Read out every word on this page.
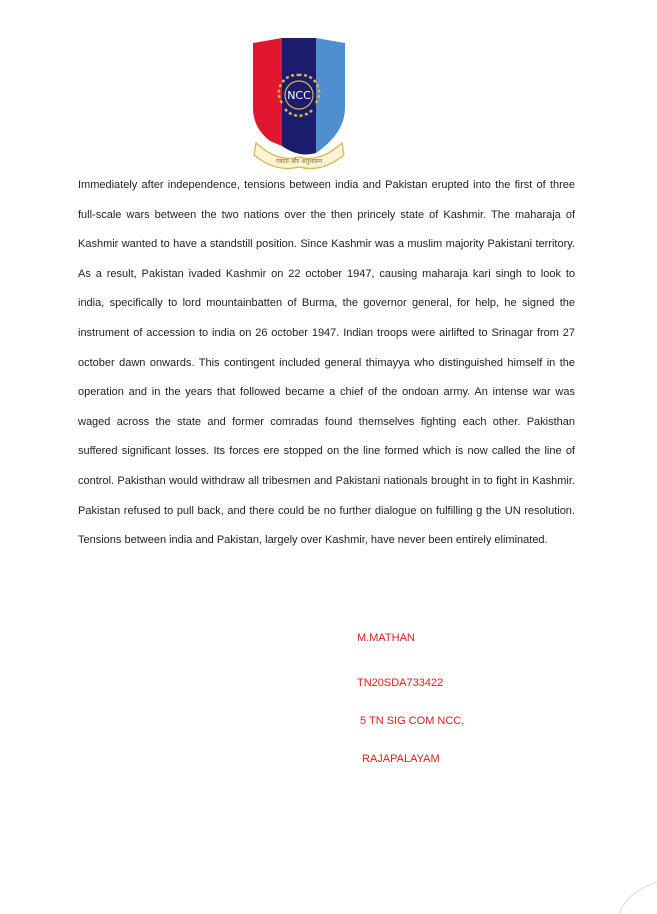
NCC
एकता और अनुशासन

Immediately after independence, tensions between india and Pakistan erupted into the first of three full-scale wars between the two nations over the then princely state of Kashmir. The maharaja of Kashmir wanted to have a standstill position. Since Kashmir was a muslim majority Pakistani territory. As a result, Pakistan ivaded Kashmir on 22 october 1947, causing maharaja kari singh to look to india, specifically to lord mountainbatten of Burma, the governor general, for help, he signed the instrument of accession to india on 26 october 1947. Indian troops were airlifted to Srinagar from 27 october dawn onwards. This contingent included general thimayya who distinguished himself in the operation and in the years that followed became a chief of the ondoan army. An intense war was waged across the state and former comradas found themselves fighting each other. Pakisthan suffered significant losses. Its forces ere stopped on the line formed which is now called the line of control. Pakisthan would withdraw all tribesmen and Pakistani nationals brought in to fight in Kashmir. Pakistan refused to pull back, and there could be no further dialogue on fulfilling g the UN resolution. Tensions between india and Pakistan, largely over Kashmir, have never been entirely eliminated.

M.MATHAN
TN20SDA733422
5 TN SIG COM NCC,
RAJAPALAYAM
